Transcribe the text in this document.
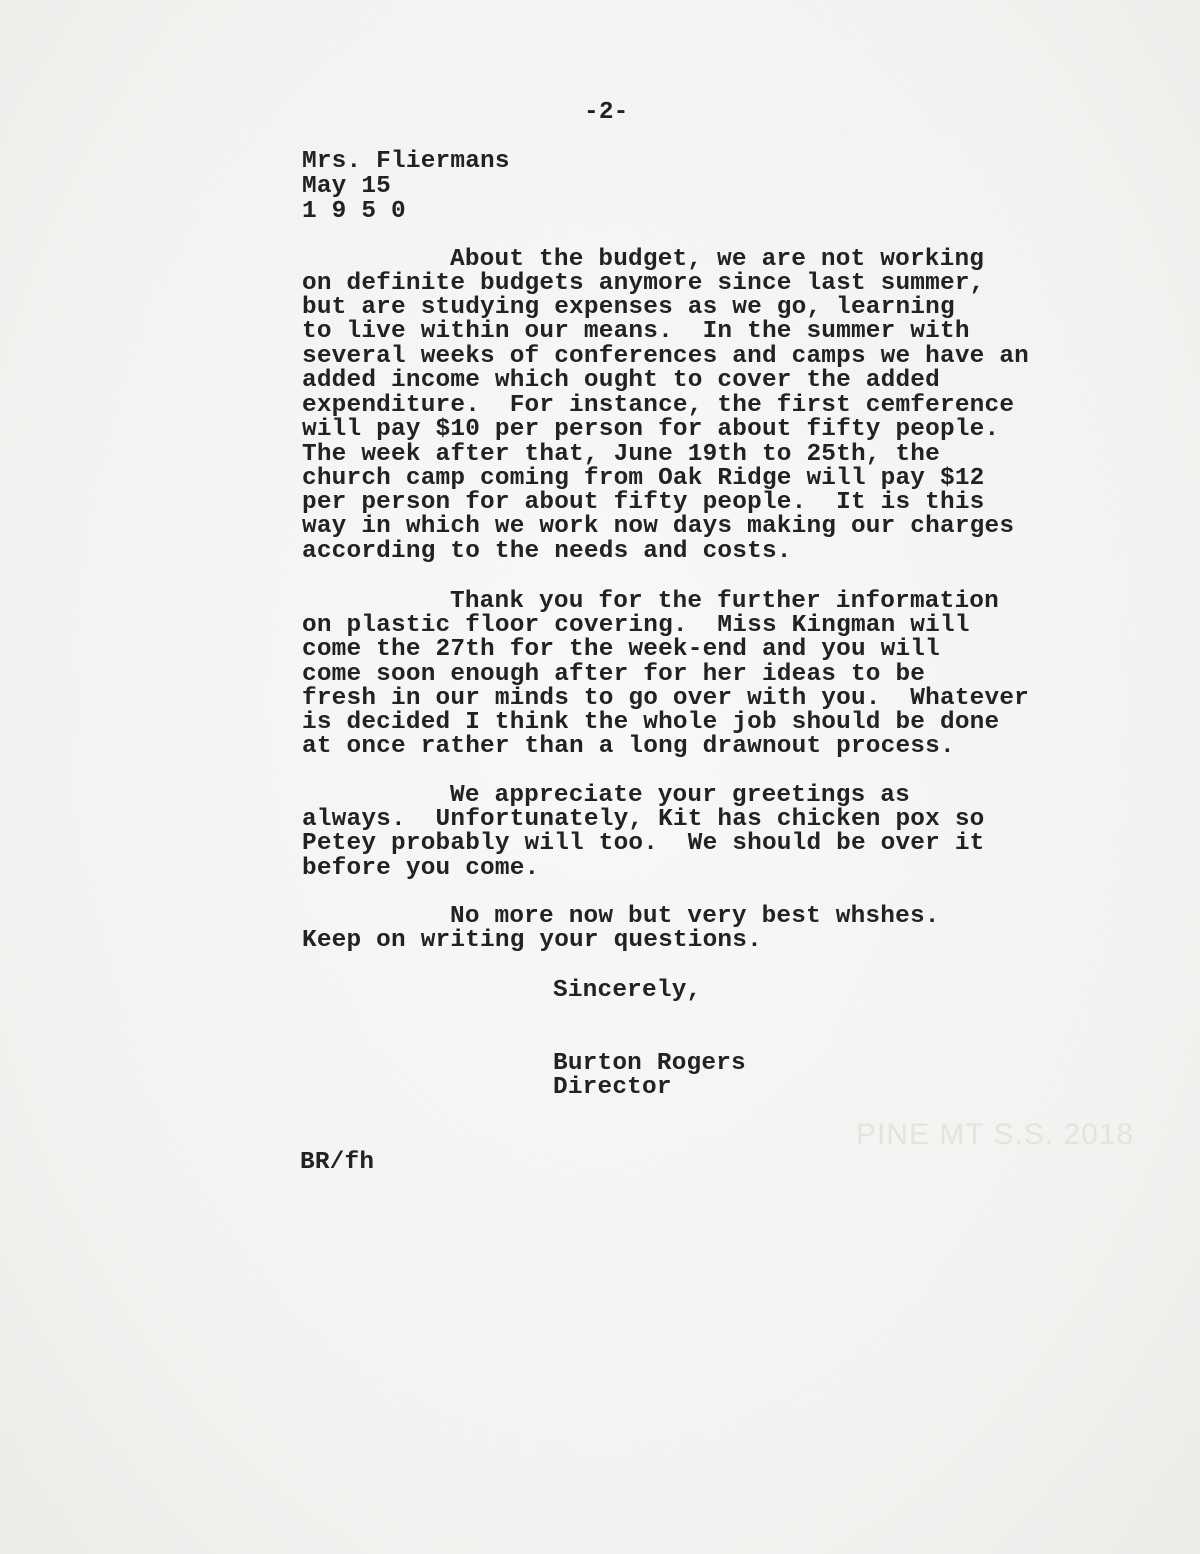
-2-
Mrs. Fliermans
May 15
1 9 5 0
About the budget, we are not working
on definite budgets anymore since last summer,
but are studying expenses as we go, learning
to live within our means.  In the summer with
several weeks of conferences and camps we have an
added income which ought to cover the added
expenditure.  For instance, the first cemference
will pay $10 per person for about fifty people.
The week after that, June 19th to 25th, the
church camp coming from Oak Ridge will pay $12
per person for about fifty people.  It is this
way in which we work now days making our charges
according to the needs and costs.
Thank you for the further information
on plastic floor covering.  Miss Kingman will
come the 27th for the week-end and you will
come soon enough after for her ideas to be
fresh in our minds to go over with you.  Whatever
is decided I think the whole job should be done
at once rather than a long drawnout process.
We appreciate your greetings as
always.  Unfortunately, Kit has chicken pox so
Petey probably will too.  We should be over it
before you come.
No more now but very best whshes.
Keep on writing your questions.
Sincerely,
Burton Rogers
Director
BR/fh
PINE MT S.S. 2018
